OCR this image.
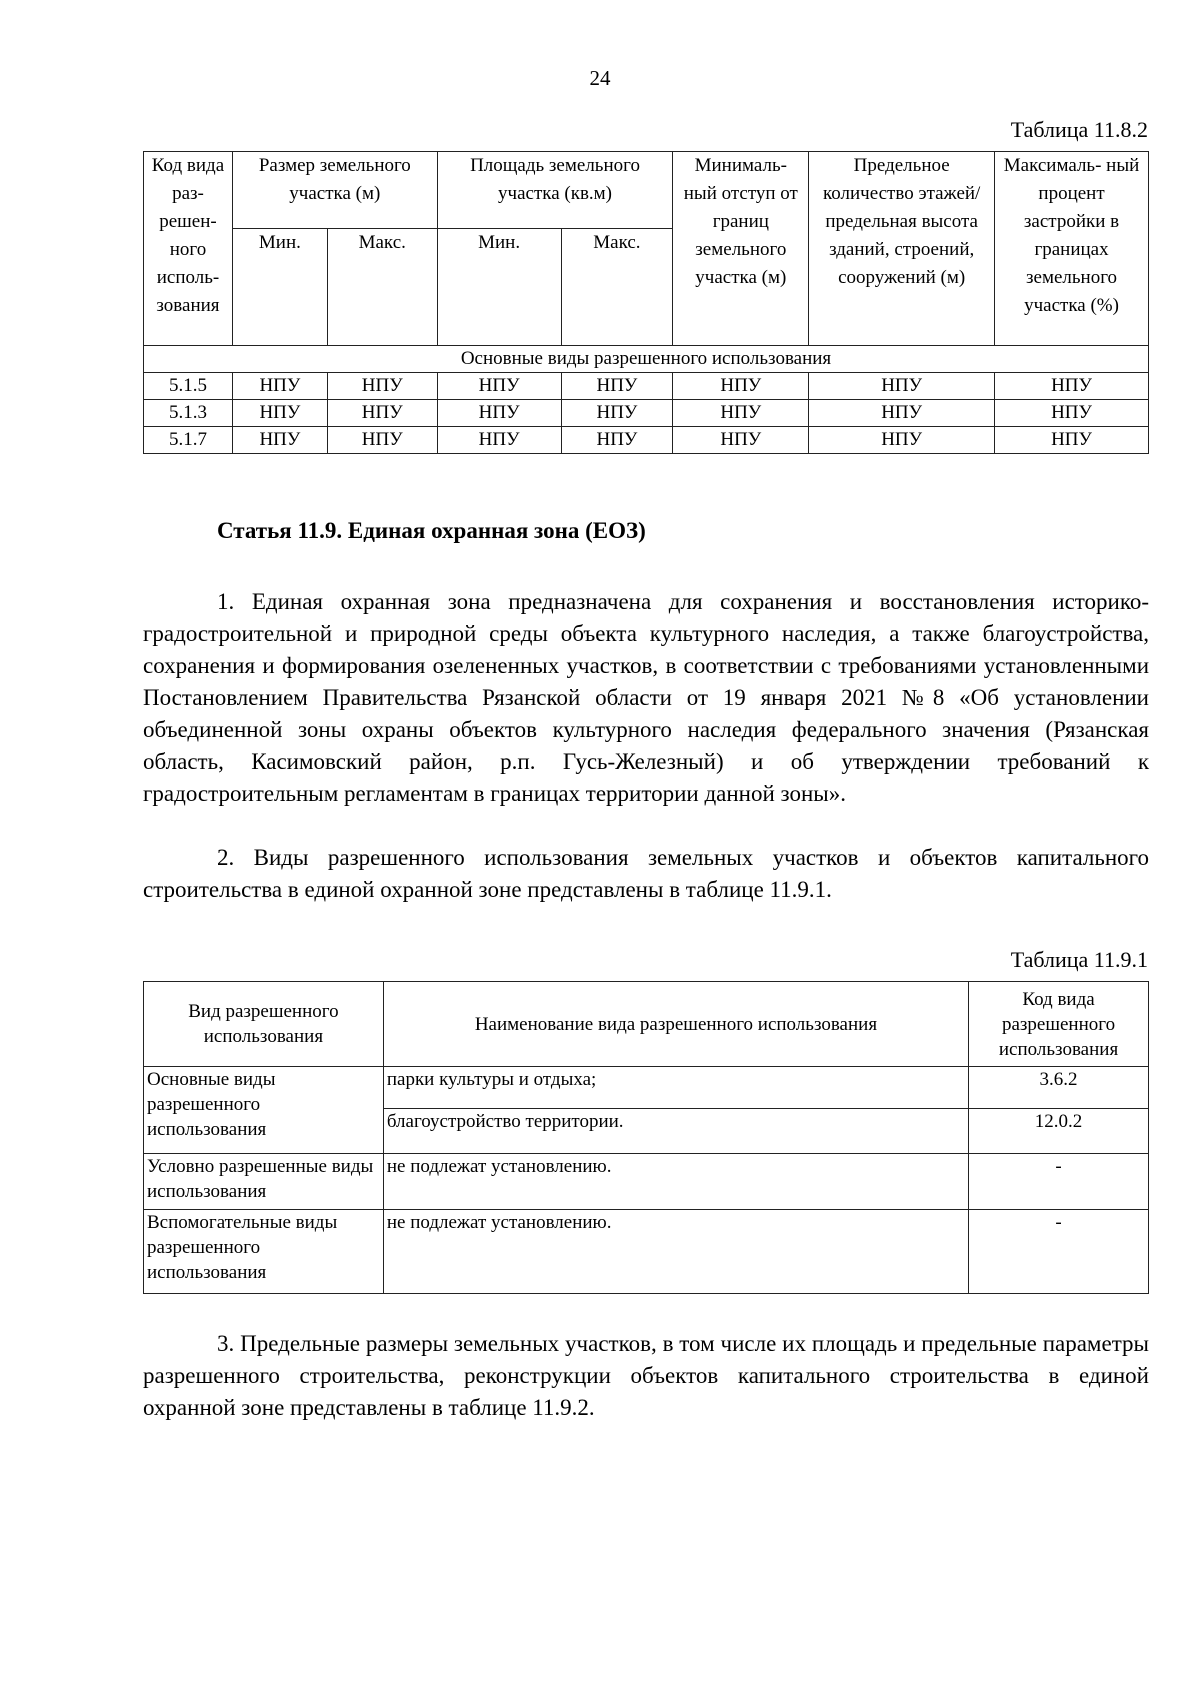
24
Таблица 11.8.2
Код вида раз- решен- ного исполь- зования	Размер земельного участка (м)		Площадь земельного участка (кв.м)		Минималь- ный отступ от границ земельного участка (м)	Предельное количество этажей/ предельная высота зданий, строений, сооружений (м)	Максималь- ный процент застройки в границах земельного участка (%)
	Мин.	Макс.	Мин.	Макс.			
Основные виды разрешенного использования							
5.1.5	НПУ	НПУ	НПУ	НПУ	НПУ	НПУ	НПУ
5.1.3	НПУ	НПУ	НПУ	НПУ	НПУ	НПУ	НПУ
5.1.7	НПУ	НПУ	НПУ	НПУ	НПУ	НПУ	НПУ
Статья 11.9. Единая охранная зона (ЕОЗ)
1. Единая охранная зона предназначена для сохранения и восстановления историко-градостроительной и природной среды объекта культурного наследия, а также благоустройства, сохранения и формирования озелененных участков, в соответствии с требованиями установленными Постановлением Правительства Рязанской области от 19 января 2021 №8 «Об установлении объединенной зоны охраны объектов культурного наследия федерального значения (Рязанская область, Касимовский район, р.п. Гусь-Железный) и об утверждении требований к градостроительным регламентам в границах территории данной зоны».
2. Виды разрешенного использования земельных участков и объектов капитального строительства в единой охранной зоне представлены в таблице 11.9.1.
Таблица 11.9.1
Вид разрешенного использования	Наименование вида разрешенного использования	Код вида разрешенного использования
Основные виды разрешенного использования	парки культуры и отдыха;	3.6.2
	благоустройство территории.	12.0.2
Условно разрешенные виды использования	не подлежат установлению.	-
Вспомогательные виды разрешенного использования	не подлежат установлению.	-
3. Предельные размеры земельных участков, в том числе их площадь и предельные параметры разрешенного строительства, реконструкции объектов капитального строительства в единой охранной зоне представлены в таблице 11.9.2.
